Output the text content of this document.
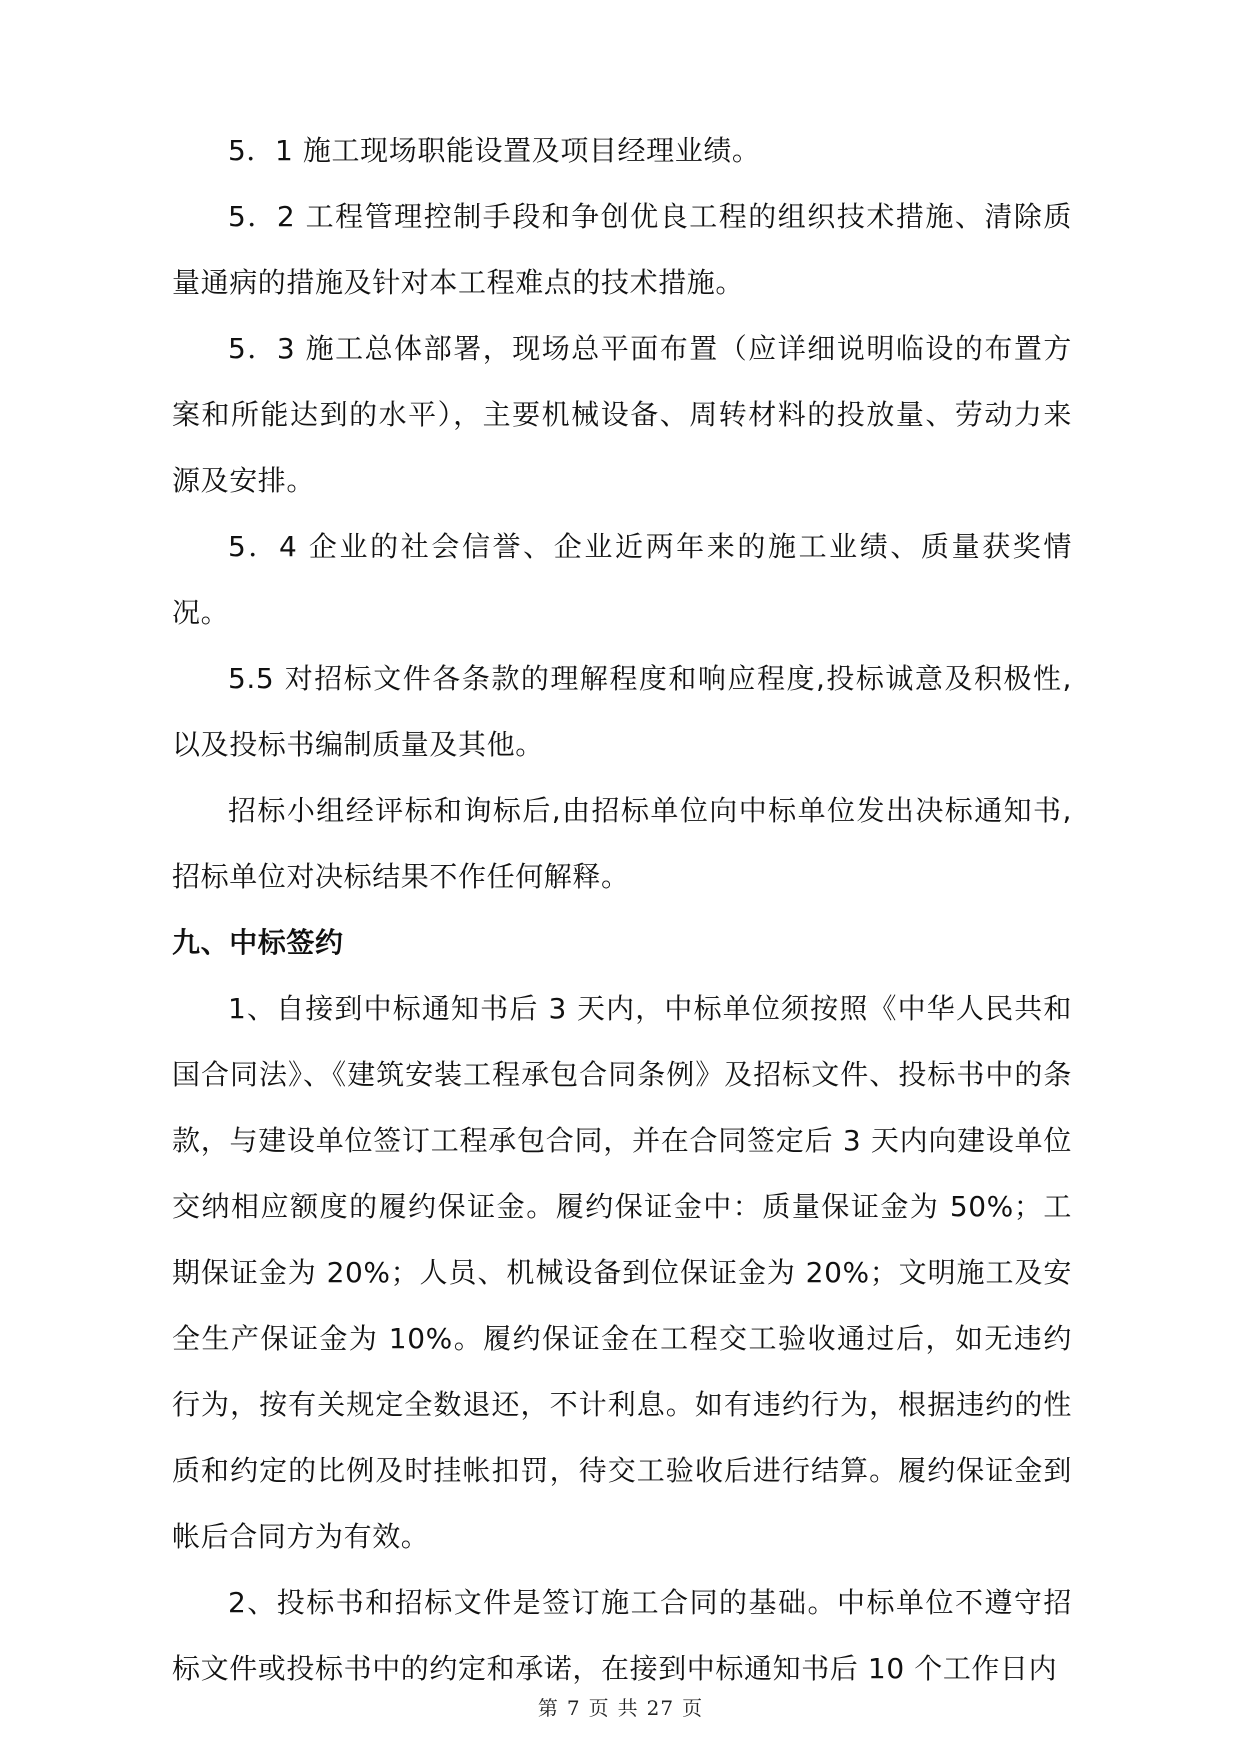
5．1 施工现场职能设置及项目经理业绩。

5．2 工程管理控制手段和争创优良工程的组织技术措施、清除质量通病的措施及针对本工程难点的技术措施。

5．3 施工总体部署，现场总平面布置（应详细说明临设的布置方案和所能达到的水平），主要机械设备、周转材料的投放量、劳动力来源及安排。

5．4 企业的社会信誉、企业近两年来的施工业绩、质量获奖情况。

5.5 对招标文件各条款的理解程度和响应程度,投标诚意及积极性,以及投标书编制质量及其他。

招标小组经评标和询标后,由招标单位向中标单位发出决标通知书,招标单位对决标结果不作任何解释。

九、中标签约

1、自接到中标通知书后 3 天内，中标单位须按照《中华人民共和国合同法》、《建筑安装工程承包合同条例》及招标文件、投标书中的条款，与建设单位签订工程承包合同，并在合同签定后 3 天内向建设单位交纳相应额度的履约保证金。履约保证金中：质量保证金为 50%；工期保证金为 20%；人员、机械设备到位保证金为 20%；文明施工及安全生产保证金为 10%。履约保证金在工程交工验收通过后，如无违约行为，按有关规定全数退还，不计利息。如有违约行为，根据违约的性质和约定的比例及时挂帐扣罚，待交工验收后进行结算。履约保证金到帐后合同方为有效。

2、投标书和招标文件是签订施工合同的基础。中标单位不遵守招标文件或投标书中的约定和承诺，在接到中标通知书后 10 个工作日内

第 7 页 共 27 页
